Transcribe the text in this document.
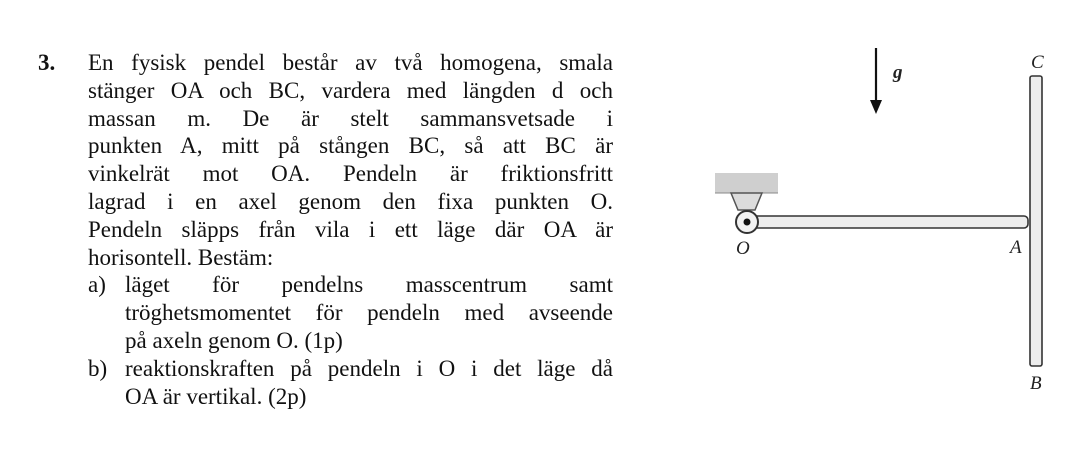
3. En fysisk pendel består av två homogena, smala
stänger OA och BC, vardera med längden d och
massan m. De är stelt sammansvetsade i
punkten A, mitt på stången BC, så att BC är
vinkelrät mot OA. Pendeln är friktionsfritt
lagrad i en axel genom den fixa punkten O.
Pendeln släpps från vila i ett läge där OA är
horisontell. Bestäm:
a) läget för pendelns masscentrum samt
tröghetsmomentet för pendeln med avseende
på axeln genom O. (1p)
b) reaktionskraften på pendeln i O i det läge då
OA är vertikal. (2p)
g	C
O	A
B
